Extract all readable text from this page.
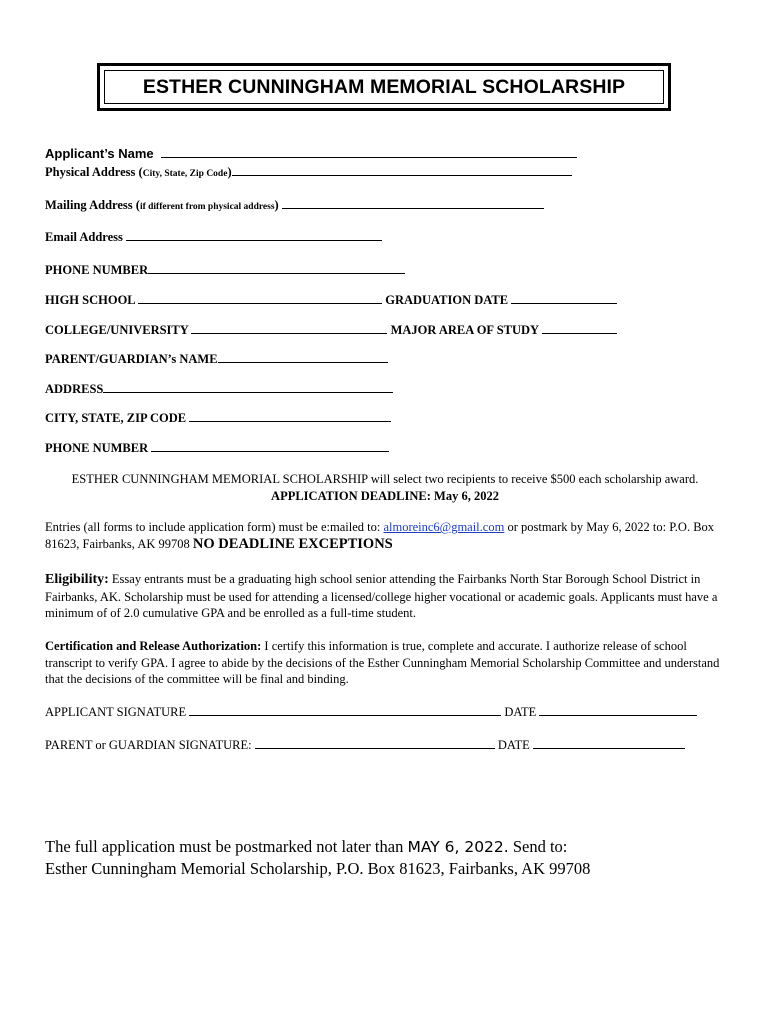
ESTHER CUNNINGHAM MEMORIAL SCHOLARSHIP
Applicant’s Name
Physical Address (City, State, Zip Code)
Mailing Address (if different from physical address)
Email Address
PHONE NUMBER
HIGH SCHOOL	GRADUATION DATE
COLLEGE/UNIVERSITY	MAJOR AREA OF STUDY
PARENT/GUARDIAN’s NAME
ADDRESS
CITY, STATE, ZIP CODE
PHONE NUMBER
ESTHER CUNNINGHAM MEMORIAL SCHOLARSHIP will select two recipients to receive $500 each scholarship award. APPLICATION DEADLINE: May 6, 2022
Entries (all forms to include application form) must be e:mailed to: almoreinc6@gmail.com or postmark by May 6, 2022 to: P.O. Box 81623, Fairbanks, AK 99708 NO DEADLINE EXCEPTIONS
Eligibility: Essay entrants must be a graduating high school senior attending the Fairbanks North Star Borough School District in Fairbanks, AK. Scholarship must be used for attending a licensed/college higher vocational or academic goals. Applicants must have a minimum of of 2.0 cumulative GPA and be enrolled as a full-time student.
Certification and Release Authorization: I certify this information is true, complete and accurate. I authorize release of school transcript to verify GPA. I agree to abide by the decisions of the Esther Cunningham Memorial Scholarship Committee and understand that the decisions of the committee will be final and binding.
APPLICANT SIGNATURE	DATE
PARENT or GUARDIAN SIGNATURE:	DATE
The full application must be postmarked not later than MAY 6, 2022. Send to:
Esther Cunningham Memorial Scholarship, P.O. Box 81623, Fairbanks, AK 99708
